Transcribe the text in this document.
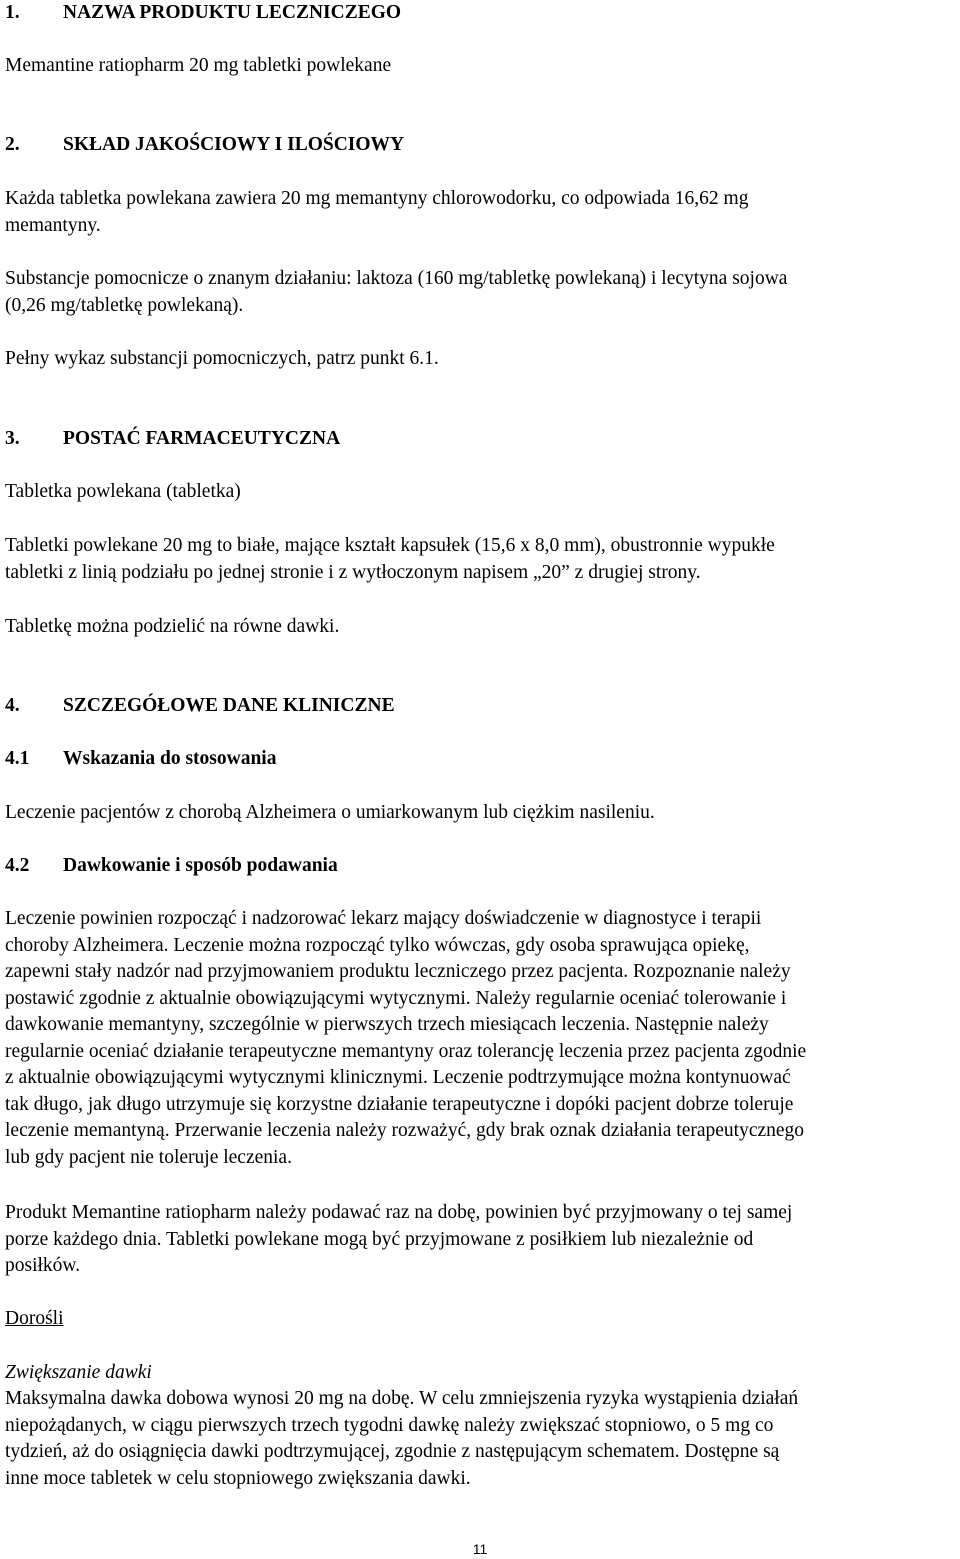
1. NAZWA PRODUKTU LECZNICZEGO
Memantine ratiopharm 20 mg tabletki powlekane
2. SKŁAD JAKOŚCIOWY I ILOŚCIOWY
Każda tabletka powlekana zawiera 20 mg memantyny chlorowodorku, co odpowiada 16,62 mg
memantyny.
Substancje pomocnicze o znanym działaniu: laktoza (160 mg/tabletkę powlekaną) i lecytyna sojowa
(0,26 mg/tabletkę powlekaną).
Pełny wykaz substancji pomocniczych, patrz punkt 6.1.
3. POSTAĆ FARMACEUTYCZNA
Tabletka powlekana (tabletka)
Tabletki powlekane 20 mg to białe, mające kształt kapsułek (15,6 x 8,0 mm), obustronnie wypukłe
tabletki z linią podziału po jednej stronie i z wytłoczonym napisem „20” z drugiej strony.
Tabletkę można podzielić na równe dawki.
4. SZCZEGÓŁOWE DANE KLINICZNE
4.1 Wskazania do stosowania
Leczenie pacjentów z chorobą Alzheimera o umiarkowanym lub ciężkim nasileniu.
4.2 Dawkowanie i sposób podawania
Leczenie powinien rozpocząć i nadzorować lekarz mający doświadczenie w diagnostyce i terapii
choroby Alzheimera. Leczenie można rozpocząć tylko wówczas, gdy osoba sprawująca opiekę,
zapewni stały nadzór nad przyjmowaniem produktu leczniczego przez pacjenta. Rozpoznanie należy
postawić zgodnie z aktualnie obowiązującymi wytycznymi. Należy regularnie oceniać tolerowanie i
dawkowanie memantyny, szczególnie w pierwszych trzech miesiącach leczenia. Następnie należy
regularnie oceniać działanie terapeutyczne memantyny oraz tolerancję leczenia przez pacjenta zgodnie
z aktualnie obowiązującymi wytycznymi klinicznymi. Leczenie podtrzymujące można kontynuować
tak długo, jak długo utrzymuje się korzystne działanie terapeutyczne i dopóki pacjent dobrze toleruje
leczenie memantyną. Przerwanie leczenia należy rozważyć, gdy brak oznak działania terapeutycznego
lub gdy pacjent nie toleruje leczenia.
Produkt Memantine ratiopharm należy podawać raz na dobę, powinien być przyjmowany o tej samej
porze każdego dnia. Tabletki powlekane mogą być przyjmowane z posiłkiem lub niezależnie od
posiłków.
Dorośli
Zwiększanie dawki
Maksymalna dawka dobowa wynosi 20 mg na dobę. W celu zmniejszenia ryzyka wystąpienia działań
niepożądanych, w ciągu pierwszych trzech tygodni dawkę należy zwiększać stopniowo, o 5 mg co
tydzień, aż do osiągnięcia dawki podtrzymującej, zgodnie z następującym schematem. Dostępne są
inne moce tabletek w celu stopniowego zwiększania dawki.
11
